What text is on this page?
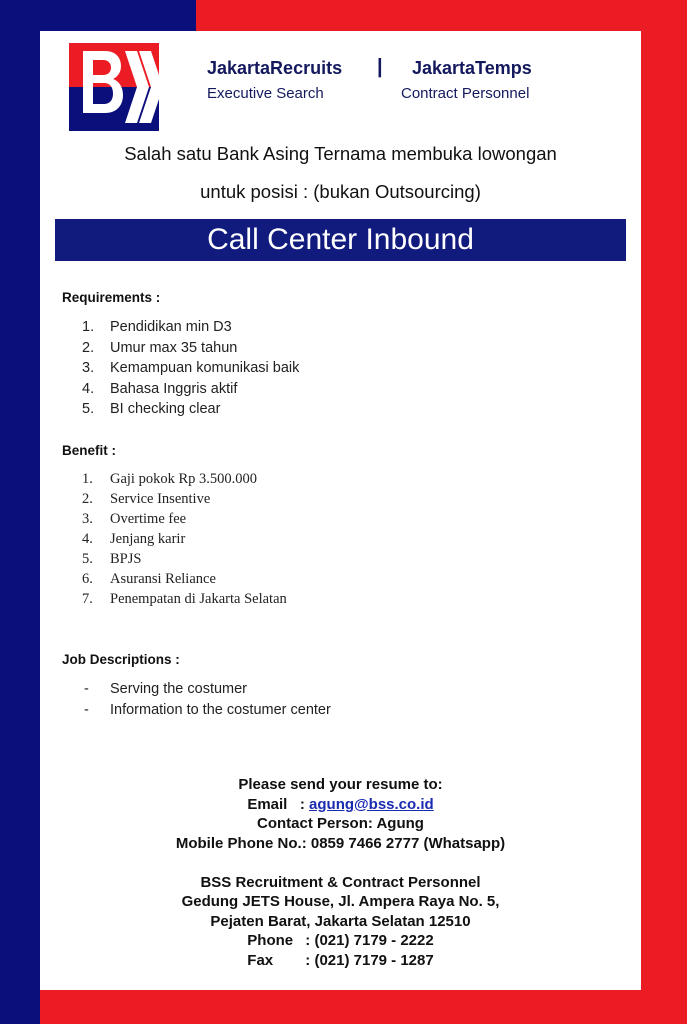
JakartaRecruits
Executive Search
| JakartaTemps
Contract Personnel
Salah satu Bank Asing Ternama membuka lowongan
untuk posisi : (bukan Outsourcing)
Call Center Inbound
Requirements :
1. Pendidikan min D3
2. Umur max 35 tahun
3. Kemampuan komunikasi baik
4. Bahasa Inggris aktif
5. BI checking clear
Benefit :
1. Gaji pokok Rp 3.500.000
2. Service Insentive
3. Overtime fee
4. Jenjang karir
5. BPJS
6. Asuransi Reliance
7. Penempatan di Jakarta Selatan
Job Descriptions :
- Serving the costumer
- Information to the costumer center
Please send your resume to:
Email : agung@bss.co.id
Contact Person: Agung
Mobile Phone No.: 0859 7466 2777 (Whatsapp)
BSS Recruitment & Contract Personnel
Gedung JETS House, Jl. Ampera Raya No. 5,
Pejaten Barat, Jakarta Selatan 12510
Phone : (021) 7179 - 2222
Fax : (021) 7179 - 1287
